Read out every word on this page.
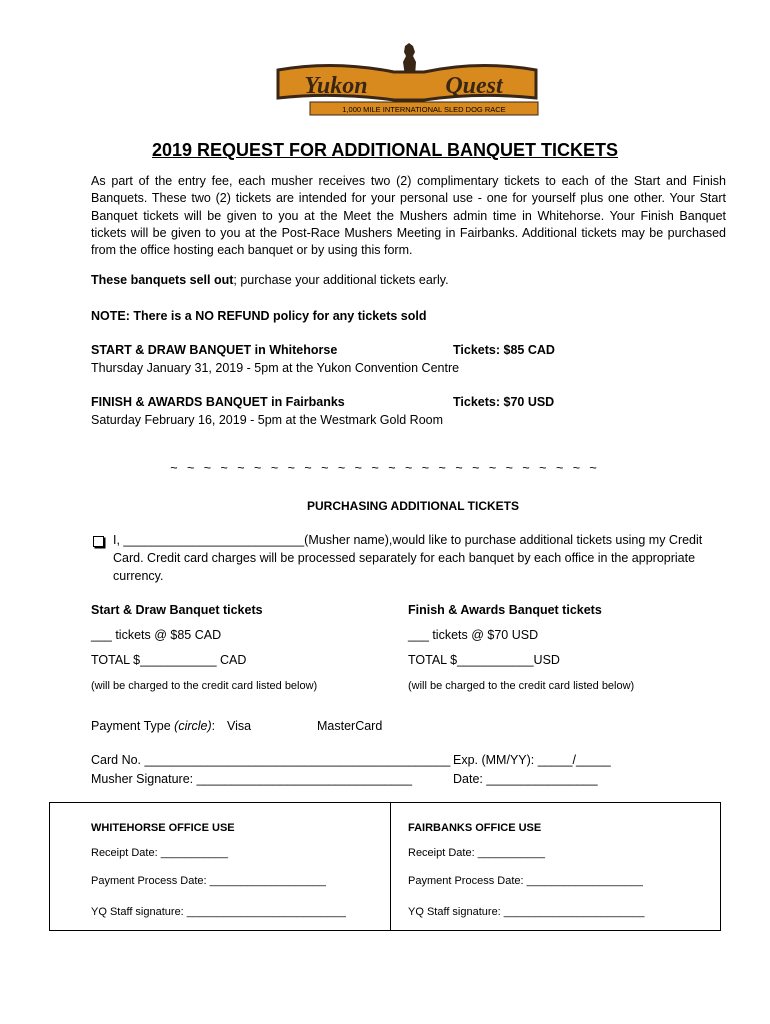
Yukon	Quest
1,000 MILE INTERNATIONAL SLED DOG RACE
2019 REQUEST FOR ADDITIONAL BANQUET TICKETS
As part of the entry fee, each musher receives two (2) complimentary tickets to each of the Start and Finish Banquets. These two (2) tickets are intended for your personal use - one for yourself plus one other. Your Start Banquet tickets will be given to you at the Meet the Mushers admin time in Whitehorse. Your Finish Banquet tickets will be given to you at the Post-Race Mushers Meeting in Fairbanks. Additional tickets may be purchased from the office hosting each banquet or by using this form.
These banquets sell out; purchase your additional tickets early.
NOTE: There is a NO REFUND policy for any tickets sold
START & DRAW BANQUET in Whitehorse	Tickets: $85 CAD
Thursday January 31, 2019 - 5pm at the Yukon Convention Centre
FINISH & AWARDS BANQUET in Fairbanks	Tickets: $70 USD
Saturday February 16, 2019 - 5pm at the Westmark Gold Room
~ ~ ~ ~ ~ ~ ~ ~ ~ ~ ~ ~ ~ ~ ~ ~ ~ ~ ~ ~ ~ ~ ~ ~ ~ ~
PURCHASING ADDITIONAL TICKETS
I, __________________________(Musher name),would like to purchase additional tickets using my Credit
Card. Credit card charges will be processed separately for each banquet by each office in the appropriate
currency.
Start & Draw Banquet tickets
___ tickets @ $85 CAD
TOTAL $___________ CAD
(will be charged to the credit card listed below)
Finish & Awards Banquet tickets
___ tickets @ $70 USD
TOTAL $___________USD
(will be charged to the credit card listed below)
Payment Type (circle): Visa	MasterCard
Card No. ____________________________________________ Exp. (MM/YY): _____/_____
Musher Signature: _______________________________	Date: ________________
WHITEHORSE OFFICE USE
Receipt Date: ___________
Payment Process Date: ___________________
YQ Staff signature: __________________________
FAIRBANKS OFFICE USE
Receipt Date: ___________
Payment Process Date: ___________________
YQ Staff signature: _______________________
